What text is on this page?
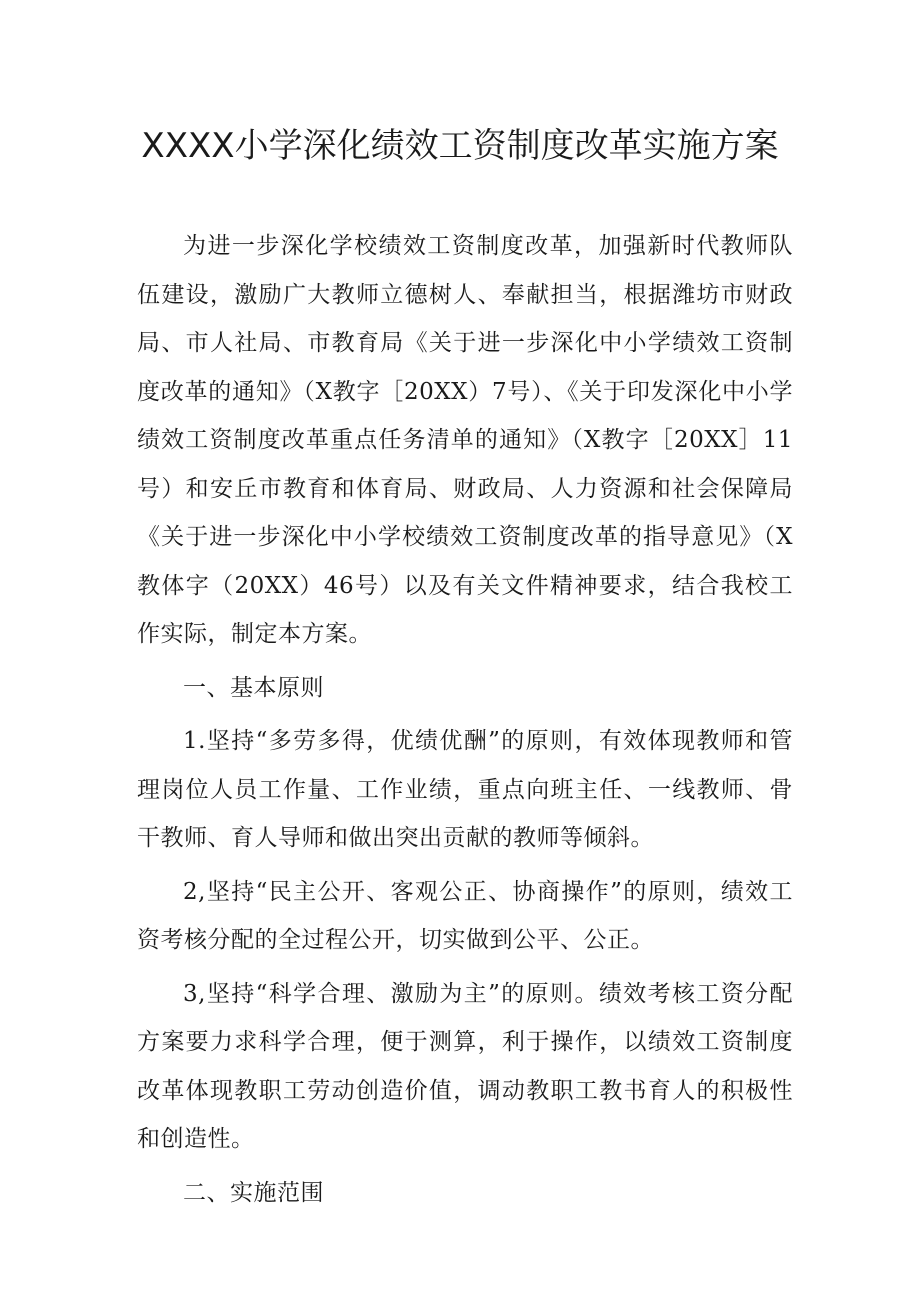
XXXX小学深化绩效工资制度改革实施方案

为进一步深化学校绩效工资制度改革，加强新时代教师队伍建设，激励广大教师立德树人、奉献担当，根据潍坊市财政局、市人社局、市教育局《关于进一步深化中小学绩效工资制度改革的通知》（X教字［20XX）7号）、《关于印发深化中小学绩效工资制度改革重点任务清单的通知》（X教字［20XX］11号）和安丘市教育和体育局、财政局、人力资源和社会保障局《关于进一步深化中小学校绩效工资制度改革的指导意见》（X教体字（20XX）46号）以及有关文件精神要求，结合我校工作实际，制定本方案。

一、基本原则

1.坚持“多劳多得，优绩优酬”的原则，有效体现教师和管理岗位人员工作量、工作业绩，重点向班主任、一线教师、骨干教师、育人导师和做出突出贡献的教师等倾斜。

2,坚持“民主公开、客观公正、协商操作”的原则，绩效工资考核分配的全过程公开，切实做到公平、公正。

3,坚持“科学合理、激励为主”的原则。绩效考核工资分配方案要力求科学合理，便于测算，利于操作，以绩效工资制度改革体现教职工劳动创造价值，调动教职工教书育人的积极性和创造性。

二、实施范围
